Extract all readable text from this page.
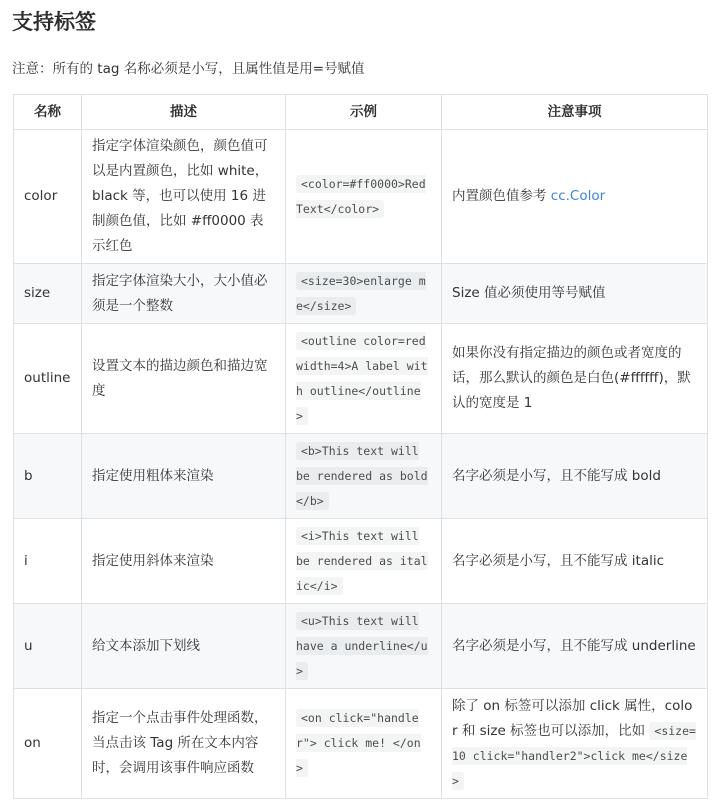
支持标签

注意：所有的 tag 名称必须是小写，且属性值是用=号赋值

名称	描述	示例	注意事项
color	指定字体渲染颜色，颜色值可以是内置颜色，比如 white，black 等，也可以使用 16 进制颜色值，比如 #ff0000 表示红色	<color=#ff0000>Red Text</color>	内置颜色值参考 cc.Color
size	指定字体渲染大小，大小值必须是一个整数	<size=30>enlarge me</size>	Size 值必须使用等号赋值
outline	设置文本的描边颜色和描边宽度	<outline color=red width=4>A label with outline</outline>	如果你没有指定描边的颜色或者宽度的话，那么默认的颜色是白色(#ffffff)，默认的宽度是 1
b	指定使用粗体来渲染	<b>This text will be rendered as bold</b>	名字必须是小写，且不能写成 bold
i	指定使用斜体来渲染	<i>This text will be rendered as italic</i>	名字必须是小写，且不能写成 italic
u	给文本添加下划线	<u>This text will have a underline</u>	名字必须是小写，且不能写成 underline
on	指定一个点击事件处理函数，当点击该 Tag 所在文本内容时，会调用该事件响应函数	<on click="handler"> click me! </on>	除了 on 标签可以添加 click 属性，color 和 size 标签也可以添加，比如 <size=10 click="handler2">click me</size>
